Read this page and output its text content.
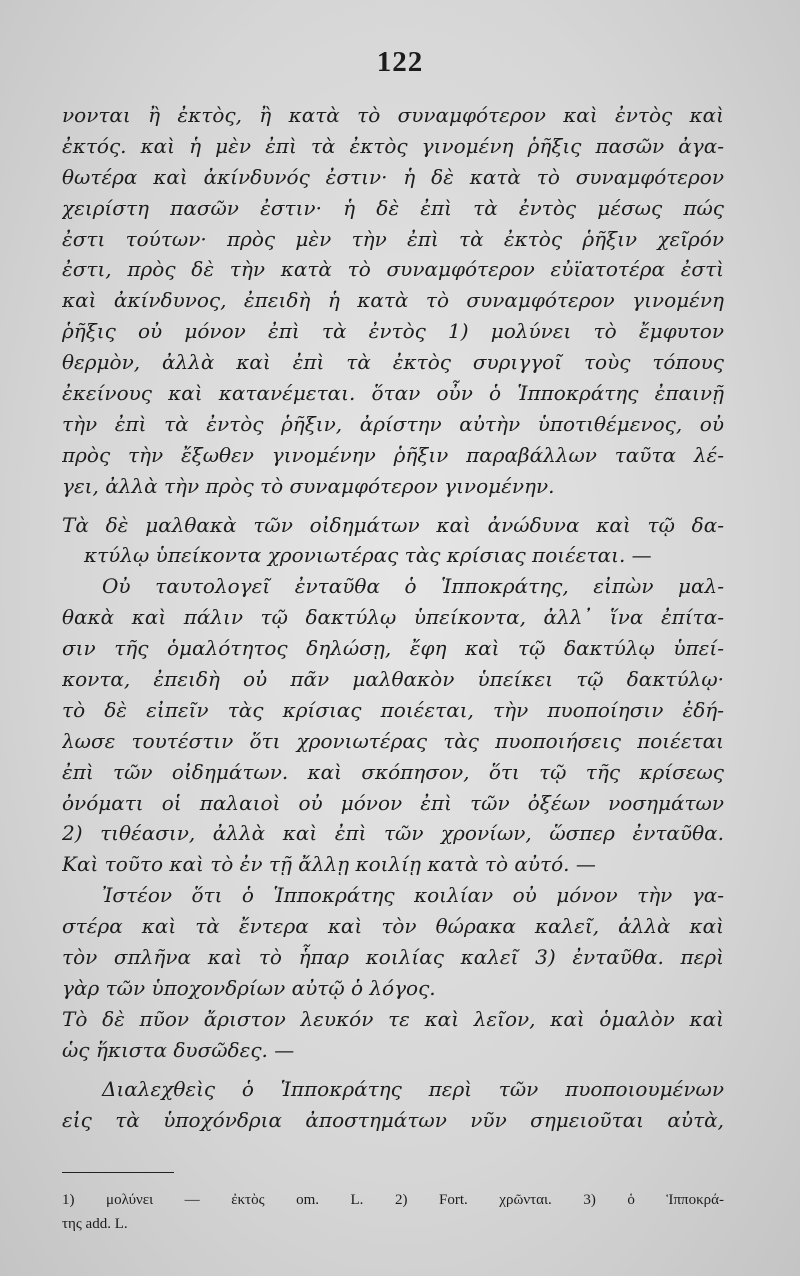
122
νονται ἢ ἐκτὸς, ἢ κατὰ τὸ συναμφότερον καὶ ἐντὸς καὶ
ἐκτός. καὶ ἡ μὲν ἐπὶ τὰ ἐκτὸς γινομένη ῥῆξις πασῶν ἀγα-
θωτέρα καὶ ἀκίνδυνός ἐστιν· ἡ δὲ κατὰ τὸ συναμφότερον
χειρίστη πασῶν ἐστιν· ἡ δὲ ἐπὶ τὰ ἐντὸς μέσως πώς
ἐστι τούτων· πρὸς μὲν τὴν ἐπὶ τὰ ἐκτὸς ῥῆξιν χεῖρόν
ἐστι, πρὸς δὲ τὴν κατὰ τὸ συναμφότερον εὐϊατοτέρα ἐστὶ
καὶ ἀκίνδυνος, ἐπειδὴ ἡ κατὰ τὸ συναμφότερον γινομένη
ῥῆξις οὐ μόνον ἐπὶ τὰ ἐντὸς 1) μολύνει τὸ ἔμφυτον
θερμὸν, ἀλλὰ καὶ ἐπὶ τὰ ἐκτὸς συριγγοῖ τοὺς τόπους
ἐκείνους καὶ κατανέμεται. ὅταν οὖν ὁ Ἱπποκράτης ἐπαινῇ
τὴν ἐπὶ τὰ ἐντὸς ῥῆξιν, ἀρίστην αὐτὴν ὑποτιθέμενος, οὐ
πρὸς τὴν ἔξωθεν γινομένην ῥῆξιν παραβάλλων ταῦτα λέ-
γει, ἀλλὰ τὴν πρὸς τὸ συναμφότερον γινομένην.
Τὰ δὲ μαλθακὰ τῶν οἰδημάτων καὶ ἀνώδυνα καὶ τῷ δα-
κτύλῳ ὑπείκοντα χρονιωτέρας τὰς κρίσιας ποιέεται. —
Οὐ ταυτολογεῖ ἐνταῦθα ὁ Ἱπποκράτης, εἰπὼν μαλ-
θακὰ καὶ πάλιν τῷ δακτύλῳ ὑπείκοντα, ἀλλ᾽ ἵνα ἐπίτα-
σιν τῆς ὁμαλότητος δηλώσῃ, ἔφη καὶ τῷ δακτύλῳ ὑπεί-
κοντα, ἐπειδὴ οὐ πᾶν μαλθακὸν ὑπείκει τῷ δακτύλῳ·
τὸ δὲ εἰπεῖν τὰς κρίσιας ποιέεται, τὴν πυοποίησιν ἐδή-
λωσε τουτέστιν ὅτι χρονιωτέρας τὰς πυοποιήσεις ποιέεται
ἐπὶ τῶν οἰδημάτων. καὶ σκόπησον, ὅτι τῷ τῆς κρίσεως
ὀνόματι οἱ παλαιοὶ οὐ μόνον ἐπὶ τῶν ὀξέων νοσημάτων
2) τιθέασιν, ἀλλὰ καὶ ἐπὶ τῶν χρονίων, ὥσπερ ἐνταῦθα.
Καὶ τοῦτο καὶ τὸ ἐν τῇ ἄλλῃ κοιλίῃ κατὰ τὸ αὐτό. —
Ἰστέον ὅτι ὁ Ἱπποκράτης κοιλίαν οὐ μόνον τὴν γα-
στέρα καὶ τὰ ἔντερα καὶ τὸν θώρακα καλεῖ, ἀλλὰ καὶ
τὸν σπλῆνα καὶ τὸ ἧπαρ κοιλίας καλεῖ 3) ἐνταῦθα. περὶ
γὰρ τῶν ὑποχονδρίων αὐτῷ ὁ λόγος.
Τὸ δὲ πῦον ἄριστον λευκόν τε καὶ λεῖον, καὶ ὁμαλὸν καὶ
ὡς ἥκιστα δυσῶδες. —
Διαλεχθεὶς ὁ Ἱπποκράτης περὶ τῶν πυοποιουμένων
εἰς τὰ ὑποχόνδρια ἀποστημάτων νῦν σημειοῦται αὐτὰ,
1) μολύνει — ἐκτὸς om. L. 2) Fort. χρῶνται. 3) ὁ Ἱπποκρά-
της add. L.
